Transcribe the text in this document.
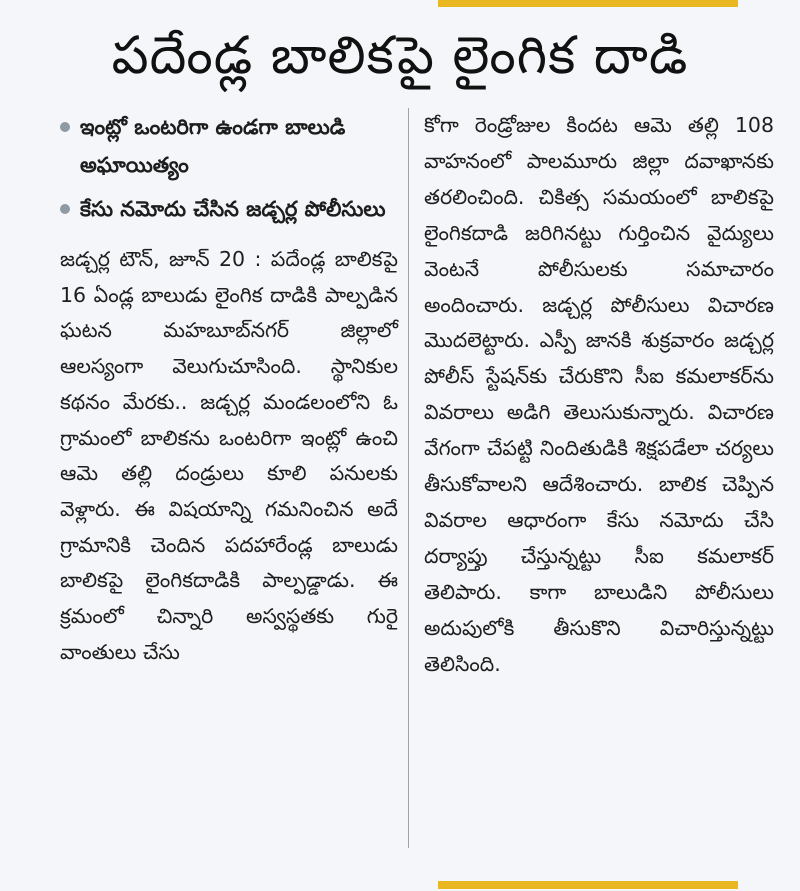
పదేండ్ల బాలికపై లైంగిక దాడి

ఇంట్లో ఒంటరిగా ఉండగా బాలుడి అఘాయిత్యం

కేసు నమోదు చేసిన జడ్చర్ల పోలీసులు

జడ్చర్ల టౌన్, జూన్ 20 : పదేండ్ల బాలికపై 16 ఏండ్ల బాలుడు లైంగిక దాడికి పాల్పడిన ఘటన మహబూబ్‌నగర్ జిల్లాలో ఆలస్యంగా వెలుగుచూసింది. స్థానికుల కథనం మేరకు.. జడ్చర్ల మండలంలోని ఓ గ్రామంలో బాలికను ఒంటరిగా ఇంట్లో ఉంచి ఆమె తల్లి దండ్రులు కూలి పనులకు వెళ్లారు. ఈ విషయాన్ని గమనించిన అదే గ్రామానికి చెందిన పదహారేండ్ల బాలుడు బాలికపై లైంగికదాడికి పాల్పడ్డాడు. ఈ క్రమంలో చిన్నారి అస్వస్థతకు గురై వాంతులు చేసు

కోగా రెండ్రోజుల కిందట ఆమె తల్లి 108 వాహనంలో పాలమూరు జిల్లా దవాఖానకు తరలించింది. చికిత్స సమయంలో బాలికపై లైంగికదాడి జరిగినట్టు గుర్తించిన వైద్యులు వెంటనే పోలీసులకు సమాచారం అందించారు. జడ్చర్ల పోలీసులు విచారణ మొదలెట్టారు. ఎస్పీ జానకి శుక్రవారం జడ్చర్ల పోలీస్ స్టేషన్‌కు చేరుకొని సీఐ కమలాకర్‌ను వివరాలు అడిగి తెలుసుకున్నారు. విచారణ వేగంగా చేపట్టి నిందితుడికి శిక్షపడేలా చర్యలు తీసుకోవాలని ఆదేశించారు. బాలిక చెప్పిన వివరాల ఆధారంగా కేసు నమోదు చేసి దర్యాప్తు చేస్తున్నట్టు సీఐ కమలాకర్ తెలిపారు. కాగా బాలుడిని పోలీసులు అదుపులోకి తీసుకొని విచారిస్తున్నట్టు తెలిసింది.
